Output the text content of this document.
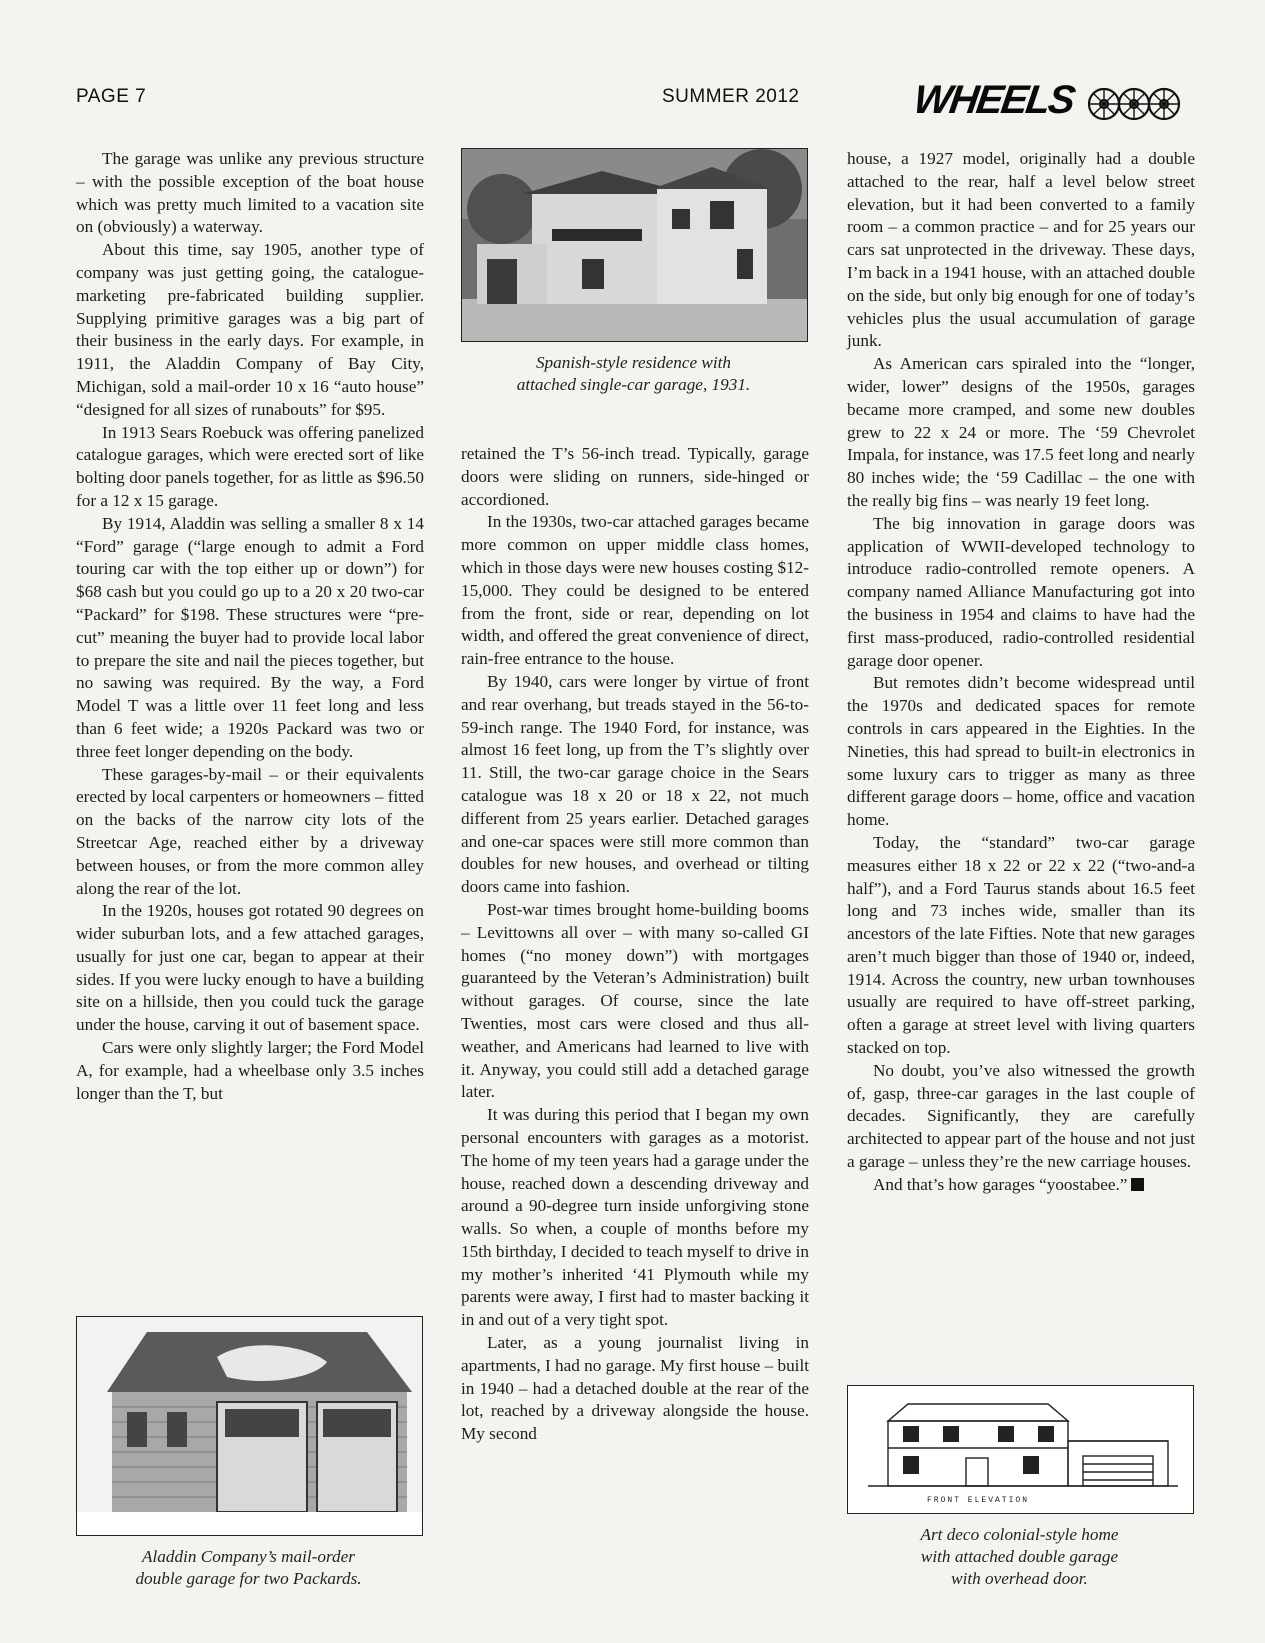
PAGE 7	SUMMER 2012	WHEELS

The garage was unlike any previous structure – with the possible exception of the boat house which was pretty much limited to a vacation site on (obviously) a waterway.

About this time, say 1905, another type of company was just getting going, the catalogue-marketing pre-fabricated building supplier. Supplying primitive garages was a big part of their business in the early days. For example, in 1911, the Aladdin Company of Bay City, Michigan, sold a mail-order 10 x 16 “auto house” “designed for all sizes of runabouts” for $95.

In 1913 Sears Roebuck was offering panelized catalogue garages, which were erected sort of like bolting door panels together, for as little as $96.50 for a 12 x 15 garage.

By 1914, Aladdin was selling a smaller 8 x 14 “Ford” garage (“large enough to admit a Ford touring car with the top either up or down”) for $68 cash but you could go up to a 20 x 20 two-car “Packard” for $198. These structures were “pre-cut” meaning the buyer had to provide local labor to prepare the site and nail the pieces together, but no sawing was required. By the way, a Ford Model T was a little over 11 feet long and less than 6 feet wide; a 1920s Packard was two or three feet longer depending on the body.

These garages-by-mail – or their equivalents erected by local carpenters or homeowners – fitted on the backs of the narrow city lots of the Streetcar Age, reached either by a driveway between houses, or from the more common alley along the rear of the lot.

In the 1920s, houses got rotated 90 degrees on wider suburban lots, and a few attached garages, usually for just one car, began to appear at their sides. If you were lucky enough to have a building site on a hillside, then you could tuck the garage under the house, carving it out of basement space.

Cars were only slightly larger; the Ford Model A, for example, had a wheelbase only 3.5 inches longer than the T, but

Spanish-style residence with
attached single-car garage, 1931.

retained the T’s 56-inch tread. Typically, garage doors were sliding on runners, side-hinged or accordioned.

In the 1930s, two-car attached garages became more common on upper middle class homes, which in those days were new houses costing $12-15,000. They could be designed to be entered from the front, side or rear, depending on lot width, and offered the great convenience of direct, rain-free entrance to the house.

By 1940, cars were longer by virtue of front and rear overhang, but treads stayed in the 56-to-59-inch range. The 1940 Ford, for instance, was almost 16 feet long, up from the T’s slightly over 11. Still, the two-car garage choice in the Sears catalogue was 18 x 20 or 18 x 22, not much different from 25 years earlier. Detached garages and one-car spaces were still more common than doubles for new houses, and overhead or tilting doors came into fashion.

Post-war times brought home-building booms – Levittowns all over – with many so-called GI homes (“no money down”) with mortgages guaranteed by the Veteran’s Administration) built without garages. Of course, since the late Twenties, most cars were closed and thus all-weather, and Americans had learned to live with it. Anyway, you could still add a detached garage later.

It was during this period that I began my own personal encounters with garages as a motorist. The home of my teen years had a garage under the house, reached down a descending driveway and around a 90-degree turn inside unforgiving stone walls. So when, a couple of months before my 15th birthday, I decided to teach myself to drive in my mother’s inherited ‘41 Plymouth while my parents were away, I first had to master backing it in and out of a very tight spot.

Later, as a young journalist living in apartments, I had no garage. My first house – built in 1940 – had a detached double at the rear of the lot, reached by a driveway alongside the house. My second

house, a 1927 model, originally had a double attached to the rear, half a level below street elevation, but it had been converted to a family room – a common practice – and for 25 years our cars sat unprotected in the driveway. These days, I’m back in a 1941 house, with an attached double on the side, but only big enough for one of today’s vehicles plus the usual accumulation of garage junk.

As American cars spiraled into the “longer, wider, lower” designs of the 1950s, garages became more cramped, and some new doubles grew to 22 x 24 or more. The ‘59 Chevrolet Impala, for instance, was 17.5 feet long and nearly 80 inches wide; the ‘59 Cadillac – the one with the really big fins – was nearly 19 feet long.

The big innovation in garage doors was application of WWII-developed technology to introduce radio-controlled remote openers. A company named Alliance Manufacturing got into the business in 1954 and claims to have had the first mass-produced, radio-controlled residential garage door opener.

But remotes didn’t become widespread until the 1970s and dedicated spaces for remote controls in cars appeared in the Eighties. In the Nineties, this had spread to built-in electronics in some luxury cars to trigger as many as three different garage doors – home, office and vacation home.

Today, the “standard” two-car garage measures either 18 x 22 or 22 x 22 (“two-and-a half”), and a Ford Taurus stands about 16.5 feet long and 73 inches wide, smaller than its ancestors of the late Fifties. Note that new garages aren’t much bigger than those of 1940 or, indeed, 1914. Across the country, new urban townhouses usually are required to have off-street parking, often a garage at street level with living quarters stacked on top.

No doubt, you’ve also witnessed the growth of, gasp, three-car garages in the last couple of decades. Significantly, they are carefully architected to appear part of the house and not just a garage – unless they’re the new carriage houses.

And that’s how garages “yoostabee.”

Aladdin Company’s mail-order
double garage for two Packards.
FRONT ELEVATION
Art deco colonial-style home
with attached double garage
with overhead door.
